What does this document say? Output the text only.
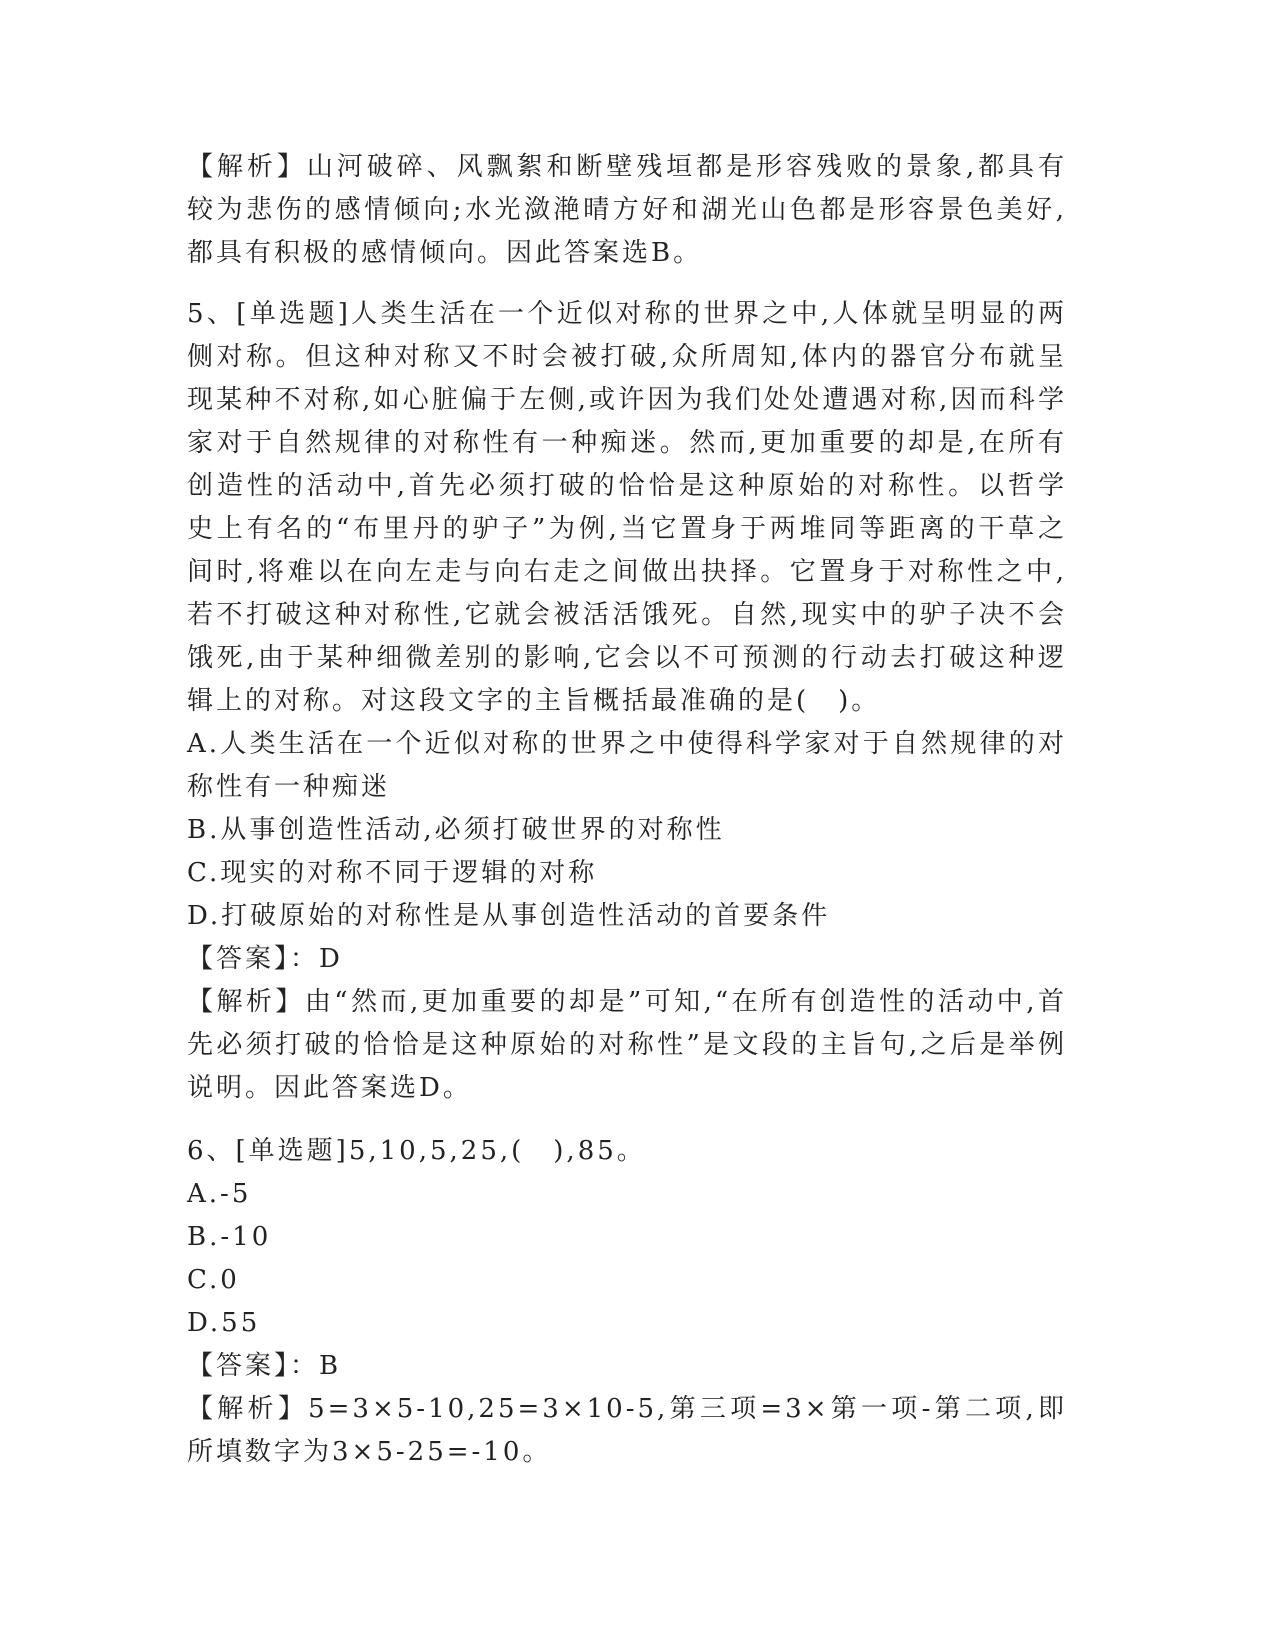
【解析】山河破碎、风飘絮和断壁残垣都是形容残败的景象,都具有较为悲伤的感情倾向;水光潋滟晴方好和湖光山色都是形容景色美好,都具有积极的感情倾向。因此答案选B。

5、[单选题]人类生活在一个近似对称的世界之中,人体就呈明显的两侧对称。但这种对称又不时会被打破,众所周知,体内的器官分布就呈现某种不对称,如心脏偏于左侧,或许因为我们处处遭遇对称,因而科学家对于自然规律的对称性有一种痴迷。然而,更加重要的却是,在所有创造性的活动中,首先必须打破的恰恰是这种原始的对称性。以哲学史上有名的“布里丹的驴子”为例,当它置身于两堆同等距离的干草之间时,将难以在向左走与向右走之间做出抉择。它置身于对称性之中,若不打破这种对称性,它就会被活活饿死。自然,现实中的驴子决不会饿死,由于某种细微差别的影响,它会以不可预测的行动去打破这种逻辑上的对称。对这段文字的主旨概括最准确的是(　)。

A.人类生活在一个近似对称的世界之中使得科学家对于自然规律的对称性有一种痴迷

B.从事创造性活动,必须打破世界的对称性

C.现实的对称不同于逻辑的对称

D.打破原始的对称性是从事创造性活动的首要条件

【答案】：D

【解析】由“然而,更加重要的却是”可知,“在所有创造性的活动中,首先必须打破的恰恰是这种原始的对称性”是文段的主旨句,之后是举例说明。因此答案选D。

6、[单选题]5,10,5,25,(　),85。

A.-5

B.-10

C.0

D.55

【答案】：B

【解析】5=3×5-10,25=3×10-5,第三项=3×第一项-第二项,即所填数字为3×5-25=-10。
